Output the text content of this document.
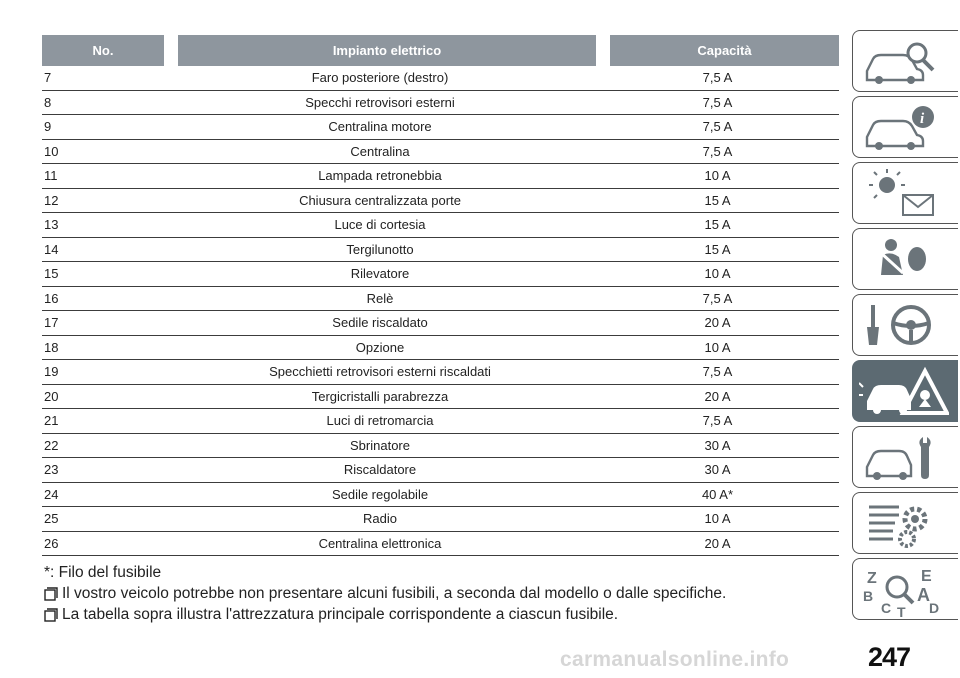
No.	Impianto elettrico	Capacità
7	Faro posteriore (destro)	7,5 A
8	Specchi retrovisori esterni	7,5 A
9	Centralina motore	7,5 A
10	Centralina	7,5 A
11	Lampada retronebbia	10 A
12	Chiusura centralizzata porte	15 A
13	Luce di cortesia	15 A
14	Tergilunotto	15 A
15	Rilevatore	10 A
16	Relè	7,5 A
17	Sedile riscaldato	20 A
18	Opzione	10 A
19	Specchietti retrovisori esterni riscaldati	7,5 A
20	Tergicristalli parabrezza	20 A
21	Luci di retromarcia	7,5 A
22	Sbrinatore	30 A
23	Riscaldatore	30 A
24	Sedile regolabile	40 A*
25	Radio	10 A
26	Centralina elettronica	20 A
*: Filo del fusibile
Il vostro veicolo potrebbe non presentare alcuni fusibili, a seconda dal modello o dalle specifiche.
La tabella sopra illustra l'attrezzatura principale corrispondente a ciascun fusibile.
i
Z	E
B A
C T D
carmanualsonline.info	247
